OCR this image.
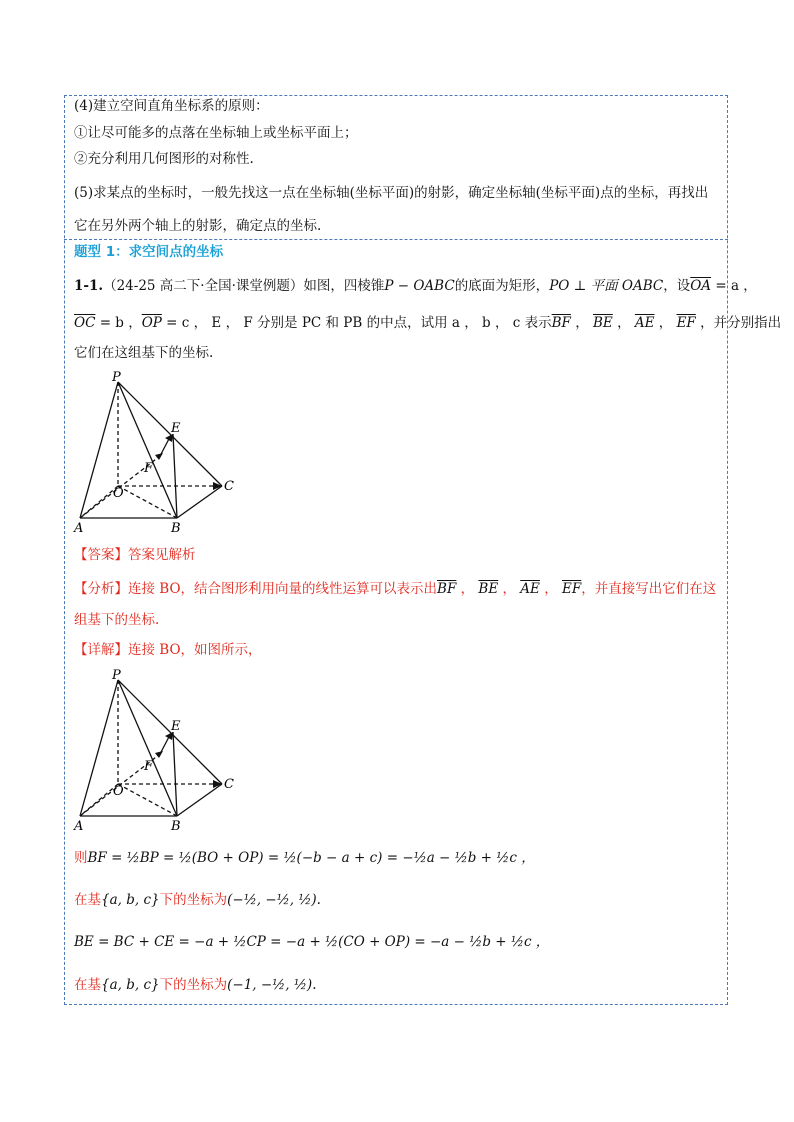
(4)建立空间直角坐标系的原则：
①让尽可能多的点落在坐标轴上或坐标平面上；
②充分利用几何图形的对称性.
(5)求某点的坐标时，一般先找这一点在坐标轴(坐标平面)的射影，确定坐标轴(坐标平面)点的坐标，再找出
它在另外两个轴上的射影，确定点的坐标.
题型 1：求空间点的坐标
1-1.（24-25 高二下·全国·课堂例题）如图，四棱锥P − OABC的底面为矩形，PO ⊥ 平面 OABC，设$\overline{OA} = a$ ，
$\overline{OC} = b$ ，$\overline{OP} = c$ ， E ， F 分别是 PC 和 PB 的中点，试用 a ， b ， c 表示$\overline{BF}$ ， $\overline{BE}$ ， $\overline{AE}$ ， $\overline{EF}$ ，并分别指出
它们在这组基下的坐标.
P
E
F
O	C
A	B
【答案】答案见解析
【分析】连接 BO，结合图形利用向量的线性运算可以表示出$\overline{BF}$ ， $\overline{BE}$ ， $\overline{AE}$ ， $\overline{EF}$，并直接写出它们在这
组基下的坐标.
【详解】连接 BO，如图所示，
P
E
F
O	C
A	B
则BF = ½BP = ½(BO + OP) = ½(−b − a + c) = −½a − ½b + ½c ，
在基{a, b, c}下的坐标为(−½, −½, ½).
BE = BC + CE = −a + ½CP = −a + ½(CO + OP) = −a − ½b + ½c ，
在基{a, b, c}下的坐标为(−1, −½, ½).
